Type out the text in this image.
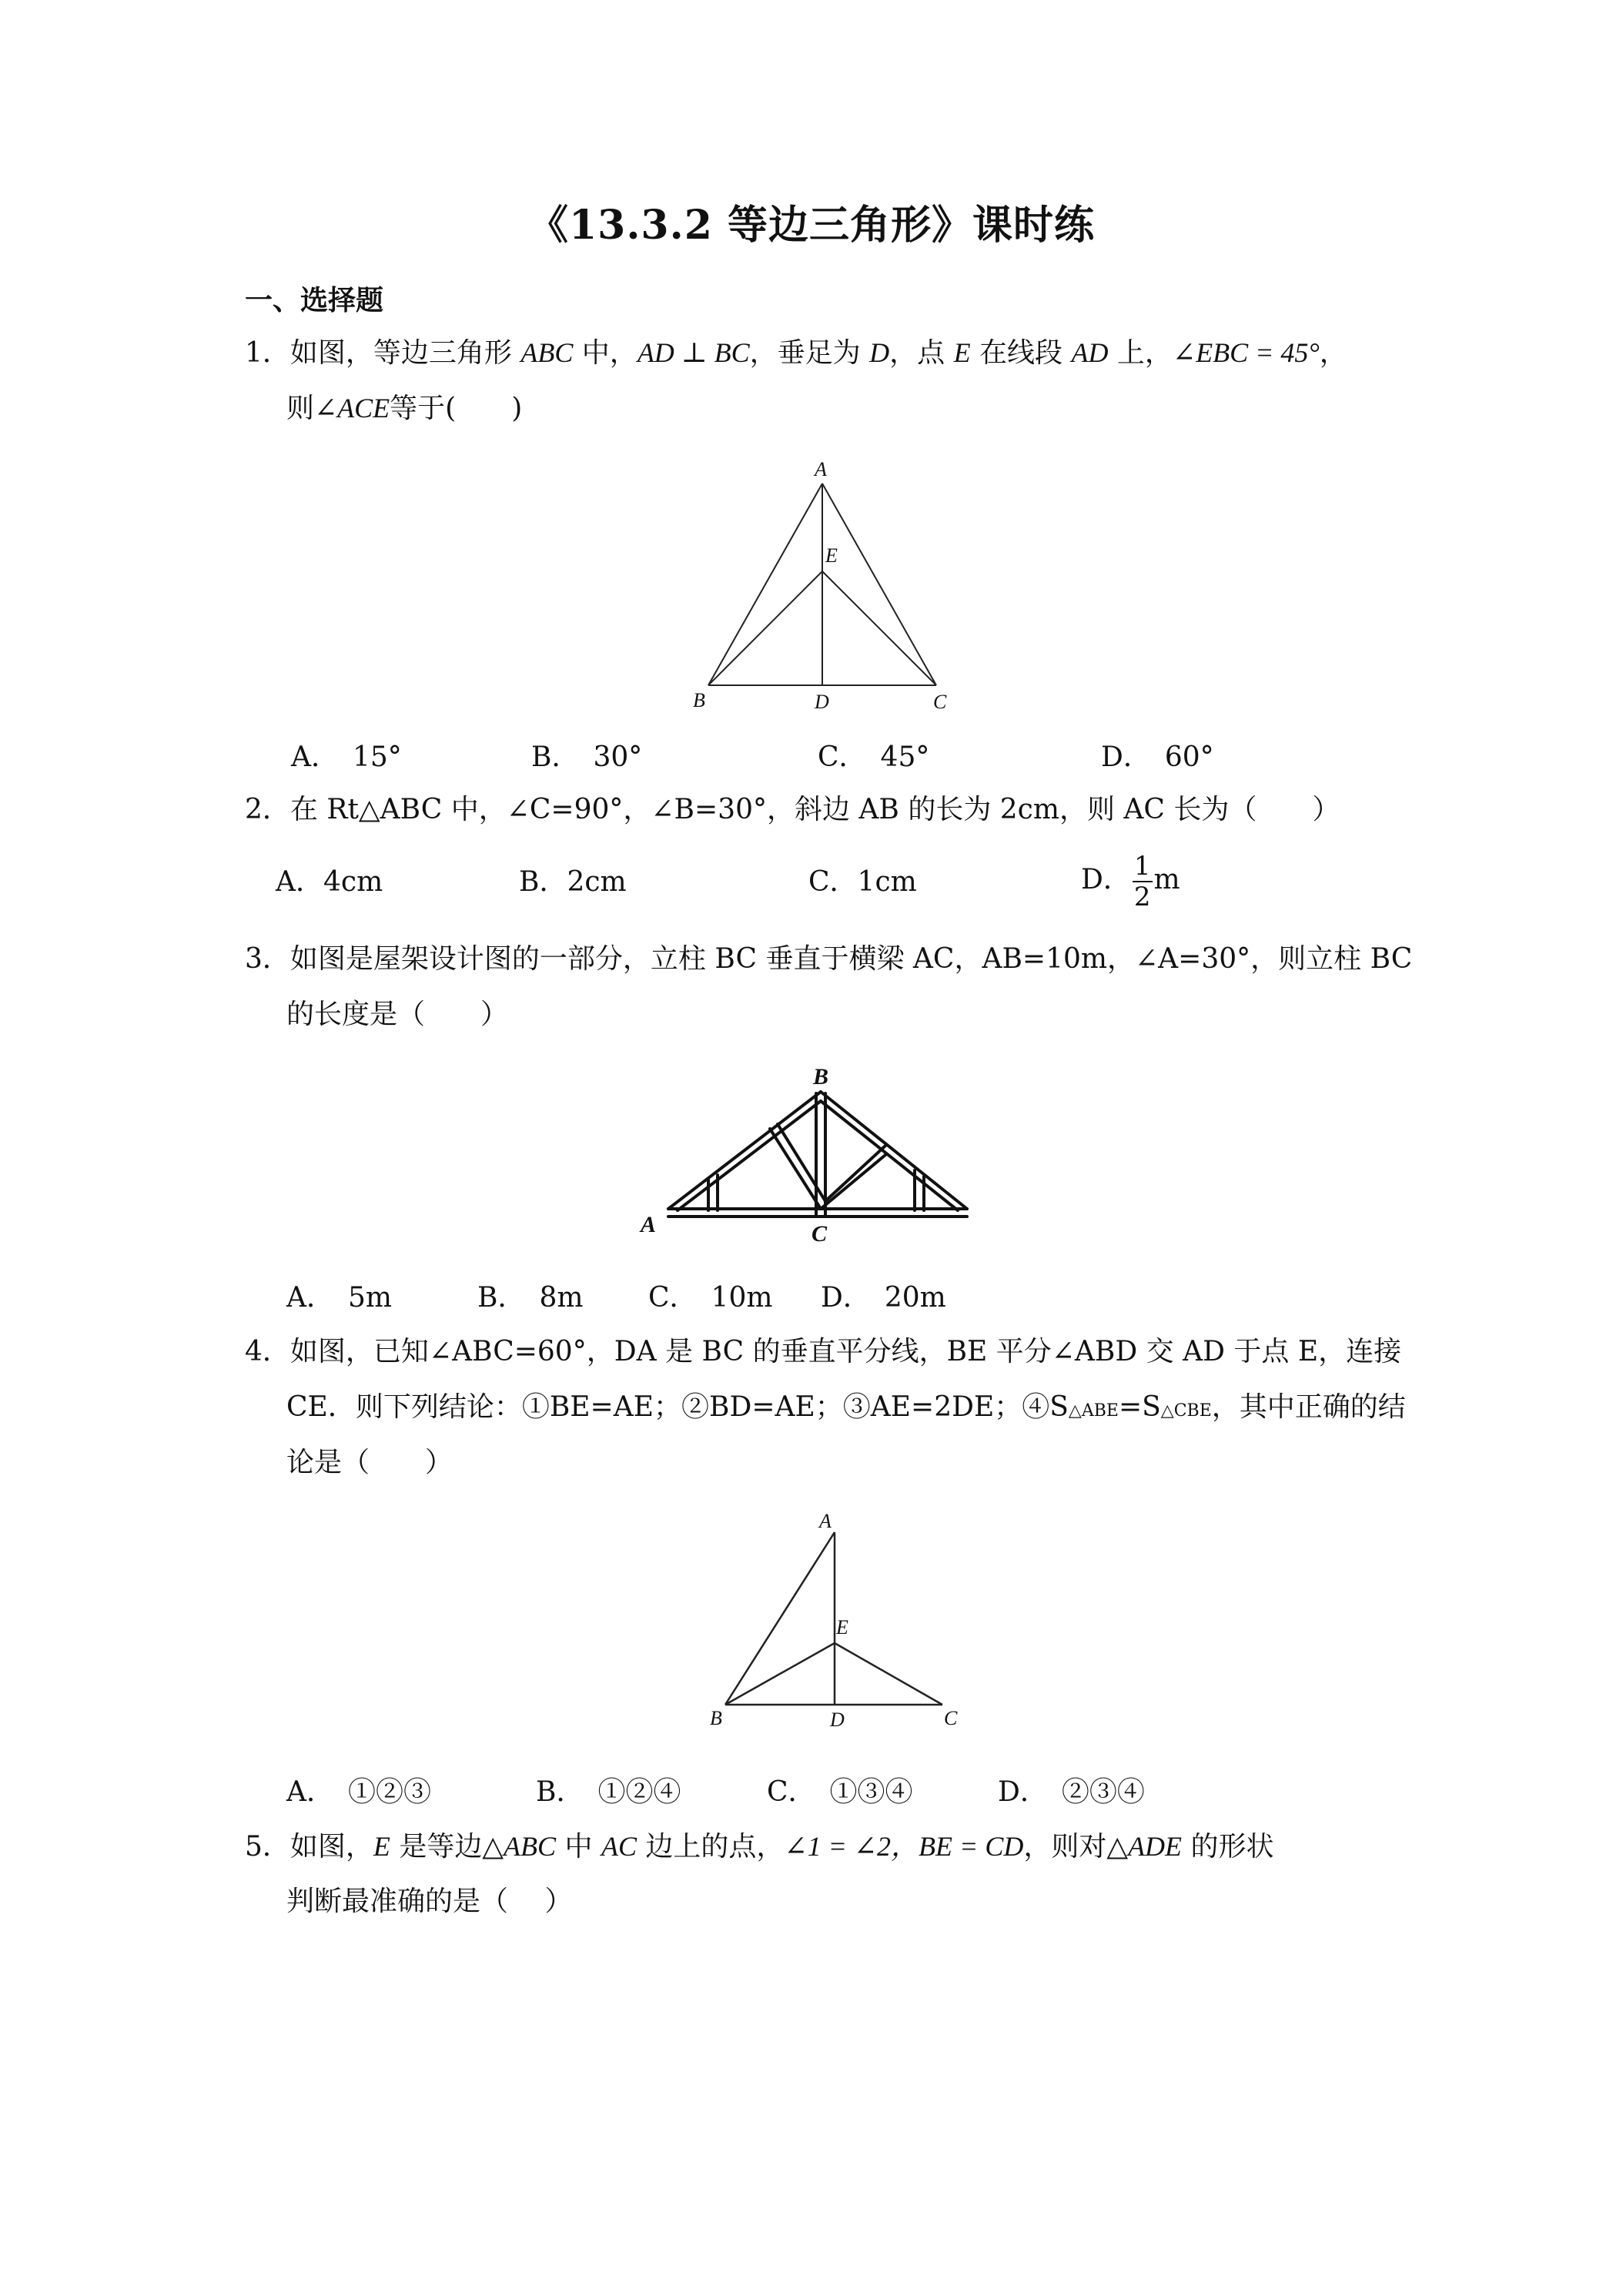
《13.3.2 等边三角形》课时练
一、选择题
1．如图，等边三角形 ABC 中，AD ⊥ BC，垂足为 D，点 E 在线段 AD 上，∠EBC = 45°，
则∠ACE等于(　　)
A
E
B	D	C
A．　15°	B．　30°	C．　45°	D．　60°
2．在 Rt△ABC 中，∠C=90°，∠B=30°，斜边 AB 的长为 2cm，则 AC 长为（　　）
A．4cm	B．2cm	C．1cm	D． $\frac{1}{2}$ m
3．如图是屋架设计图的一部分，立柱 BC 垂直于横梁 AC，AB=10m，∠A=30°，则立柱 BC
的长度是（　　）
B
A	C
A．　5m	B．　8m C．　10m D．　20m
4．如图，已知∠ABC=60°，DA 是 BC 的垂直平分线，BE 平分∠ABD 交 AD 于点 E，连接
CE．则下列结论：①BE=AE；②BD=AE；③AE=2DE；④S△ABE=S△CBE，其中正确的结
论是（　　）
A
E
B	D	C
A．　①②③	B．　①②④	C．　①③④	D．　②③④
5．如图，E 是等边△ABC 中 AC 边上的点，∠1 = ∠2，BE = CD，则对△ADE 的形状
判断最准确的是（　 ）
